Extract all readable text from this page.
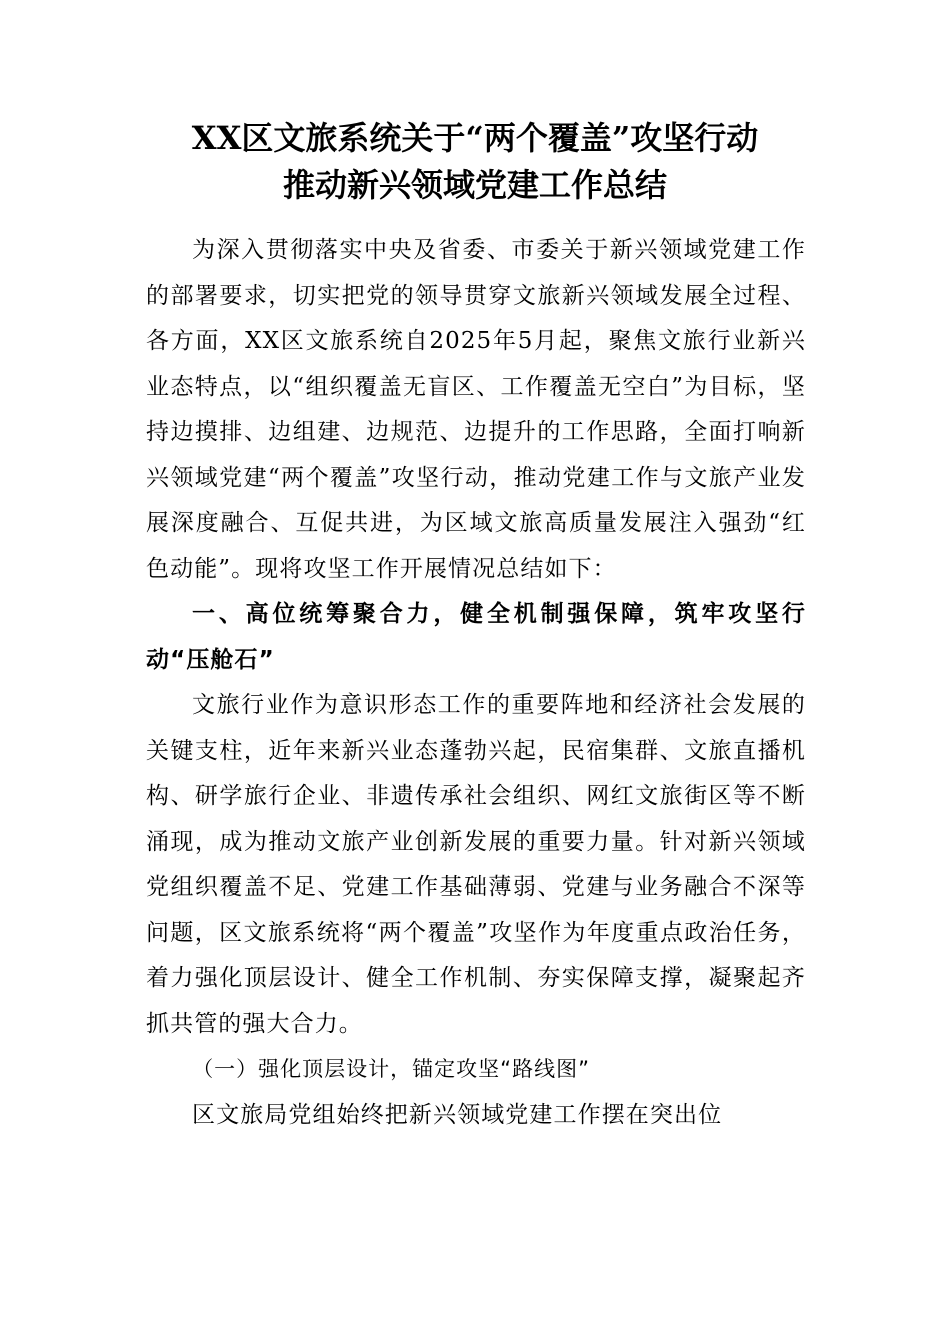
XX区文旅系统关于“两个覆盖”攻坚行动
推动新兴领域党建工作总结

为深入贯彻落实中央及省委、市委关于新兴领域党建工作的部署要求，切实把党的领导贯穿文旅新兴领域发展全过程、各方面，XX区文旅系统自2025年5月起，聚焦文旅行业新兴业态特点，以“组织覆盖无盲区、工作覆盖无空白”为目标，坚持边摸排、边组建、边规范、边提升的工作思路，全面打响新兴领域党建“两个覆盖”攻坚行动，推动党建工作与文旅产业发展深度融合、互促共进，为区域文旅高质量发展注入强劲“红色动能”。现将攻坚工作开展情况总结如下：

一、高位统筹聚合力，健全机制强保障，筑牢攻坚行动“压舱石”

文旅行业作为意识形态工作的重要阵地和经济社会发展的关键支柱，近年来新兴业态蓬勃兴起，民宿集群、文旅直播机构、研学旅行企业、非遗传承社会组织、网红文旅街区等不断涌现，成为推动文旅产业创新发展的重要力量。针对新兴领域党组织覆盖不足、党建工作基础薄弱、党建与业务融合不深等问题，区文旅系统将“两个覆盖”攻坚作为年度重点政治任务，着力强化顶层设计、健全工作机制、夯实保障支撑，凝聚起齐抓共管的强大合力。

（一）强化顶层设计，锚定攻坚“路线图”

区文旅局党组始终把新兴领域党建工作摆在突出位
